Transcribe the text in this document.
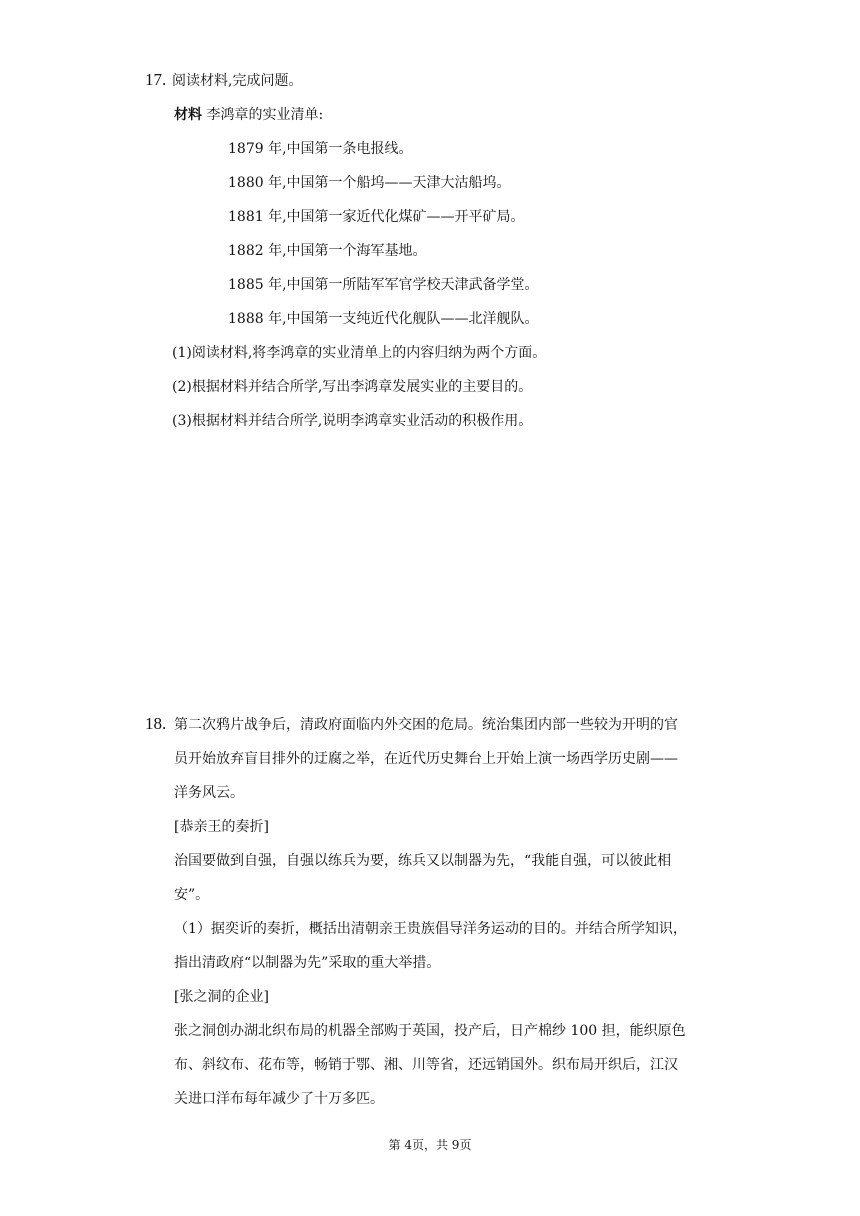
17. 阅读材料,完成问题。
材料 李鸿章的实业清单:
1879 年,中国第一条电报线。
1880 年,中国第一个船坞——天津大沽船坞。
1881 年,中国第一家近代化煤矿——开平矿局。
1882 年,中国第一个海军基地。
1885 年,中国第一所陆军军官学校天津武备学堂。
1888 年,中国第一支纯近代化舰队——北洋舰队。
(1)阅读材料,将李鸿章的实业清单上的内容归纳为两个方面。
(2)根据材料并结合所学,写出李鸿章发展实业的主要目的。
(3)根据材料并结合所学,说明李鸿章实业活动的积极作用。
18. 第二次鸦片战争后，清政府面临内外交困的危局。统治集团内部一些较为开明的官
员开始放弃盲目排外的迂腐之举，在近代历史舞台上开始上演一场西学历史剧——
洋务风云。
[恭亲王的奏折]
治国要做到自强，自强以练兵为要，练兵又以制器为先，“我能自强，可以彼此相
安”。
（1）据奕䜣的奏折，概括出清朝亲王贵族倡导洋务运动的目的。并结合所学知识，
指出清政府“以制器为先”采取的重大举措。
[张之洞的企业]
张之洞创办湖北织布局的机器全部购于英国，投产后，日产棉纱 100 担，能织原色
布、斜纹布、花布等，畅销于鄂、湘、川等省，还远销国外。织布局开织后，江汉
关进口洋布每年减少了十万多匹。
第 4页，共 9页
